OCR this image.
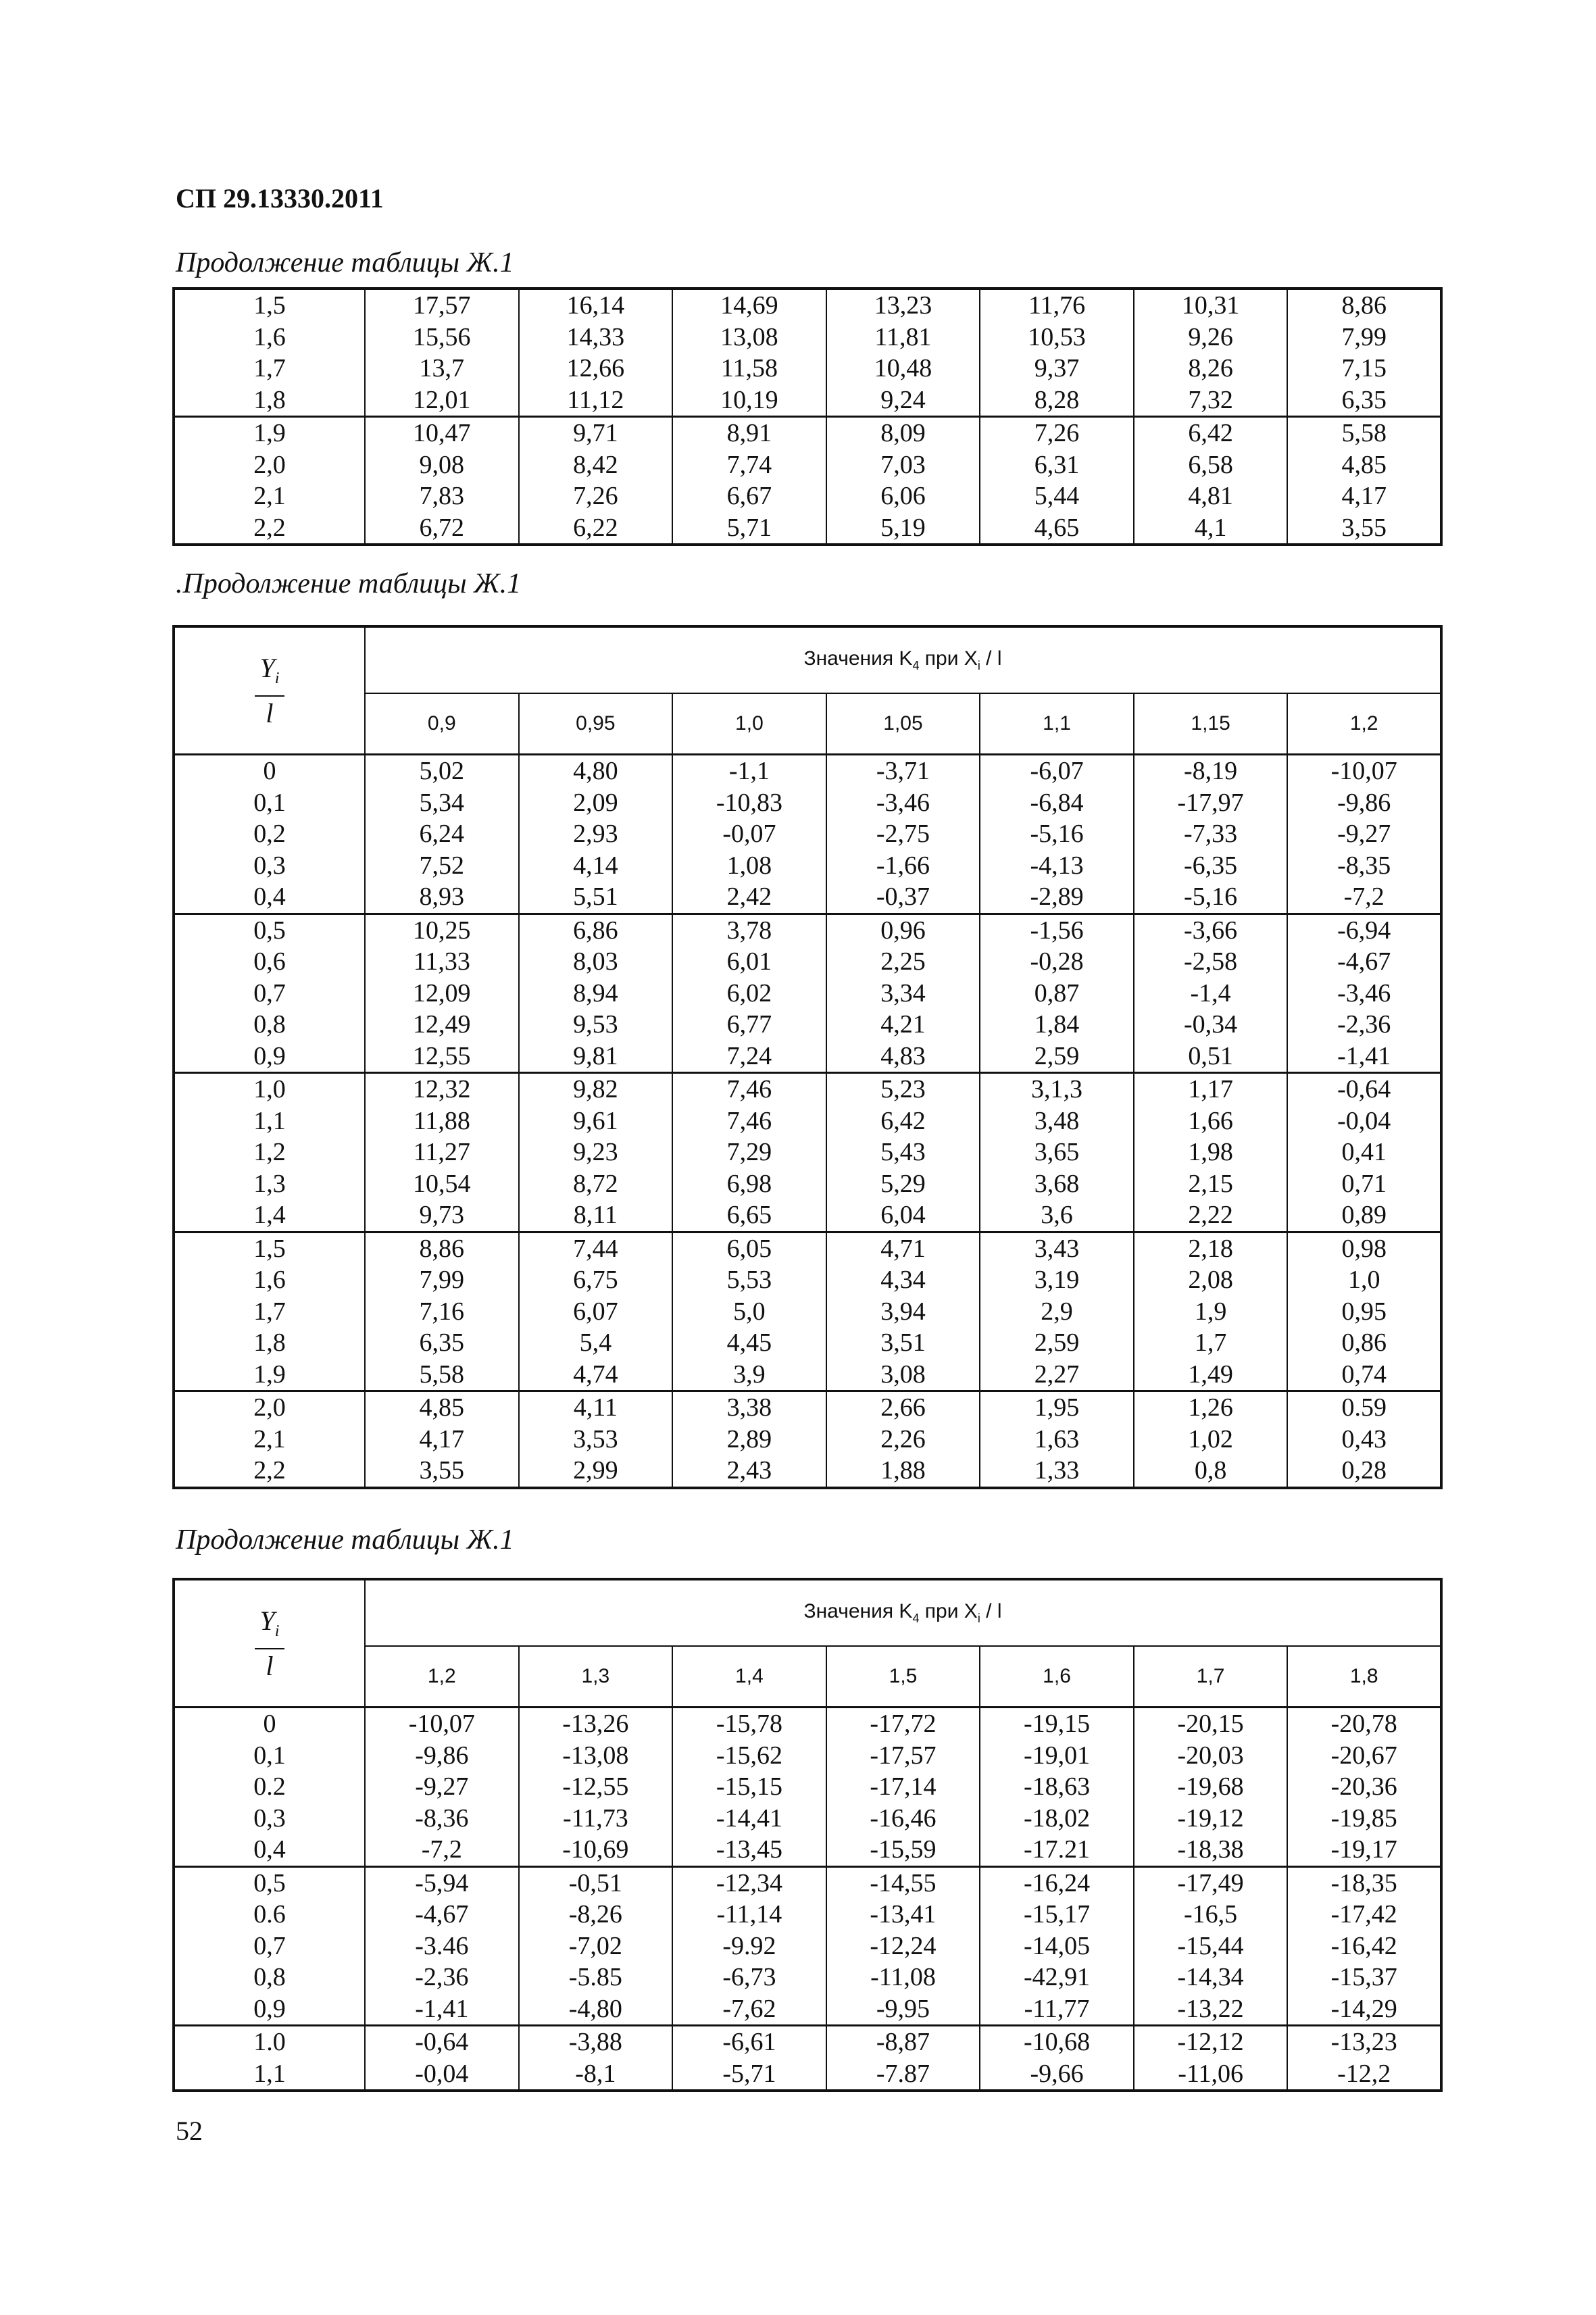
СП 29.13330.2011
Продолжение таблицы Ж.1
1,5	17,57	16,14	14,69	13,23	11,76	10,31	8,86
1,6	15,56	14,33	13,08	11,81	10,53	9,26	7,99
1,7	13,7	12,66	11,58	10,48	9,37	8,26	7,15
1,8	12,01	11,12	10,19	9,24	8,28	7,32	6,35
1,9	10,47	9,71	8,91	8,09	7,26	6,42	5,58
2,0	9,08	8,42	7,74	7,03	6,31	6,58	4,85
2,1	7,83	7,26	6,67	6,06	5,44	4,81	4,17
2,2	6,72	6,22	5,71	5,19	4,65	4,1	3,55
.Продолжение таблицы Ж.1
$\frac{Y_i}{l}$	Значения $K_4$ при $X_i$ / l						
	0,9	0,95	1,0	1,05	1,1	1,15	1,2
0	5,02	4,80	-1,1	-3,71	-6,07	-8,19	-10,07
0,1	5,34	2,09	-10,83	-3,46	-6,84	-17,97	-9,86
0,2	6,24	2,93	-0,07	-2,75	-5,16	-7,33	-9,27
0,3	7,52	4,14	1,08	-1,66	-4,13	-6,35	-8,35
0,4	8,93	5,51	2,42	-0,37	-2,89	-5,16	-7,2
0,5	10,25	6,86	3,78	0,96	-1,56	-3,66	-6,94
0,6	11,33	8,03	6,01	2,25	-0,28	-2,58	-4,67
0,7	12,09	8,94	6,02	3,34	0,87	-1,4	-3,46
0,8	12,49	9,53	6,77	4,21	1,84	-0,34	-2,36
0,9	12,55	9,81	7,24	4,83	2,59	0,51	-1,41
1,0	12,32	9,82	7,46	5,23	3,1,3	1,17	-0,64
1,1	11,88	9,61	7,46	6,42	3,48	1,66	-0,04
1,2	11,27	9,23	7,29	5,43	3,65	1,98	0,41
1,3	10,54	8,72	6,98	5,29	3,68	2,15	0,71
1,4	9,73	8,11	6,65	6,04	3,6	2,22	0,89
1,5	8,86	7,44	6,05	4,71	3,43	2,18	0,98
1,6	7,99	6,75	5,53	4,34	3,19	2,08	1,0
1,7	7,16	6,07	5,0	3,94	2,9	1,9	0,95
1,8	6,35	5,4	4,45	3,51	2,59	1,7	0,86
1,9	5,58	4,74	3,9	3,08	2,27	1,49	0,74
2,0	4,85	4,11	3,38	2,66	1,95	1,26	0.59
2,1	4,17	3,53	2,89	2,26	1,63	1,02	0,43
2,2	3,55	2,99	2,43	1,88	1,33	0,8	0,28
Продолжение таблицы Ж.1
$\frac{Y_i}{l}$	Значения $K_4$ при $X_i$ / l						
	1,2	1,3	1,4	1,5	1,6	1,7	1,8
0	-10,07	-13,26	-15,78	-17,72	-19,15	-20,15	-20,78
0,1	-9,86	-13,08	-15,62	-17,57	-19,01	-20,03	-20,67
0.2	-9,27	-12,55	-15,15	-17,14	-18,63	-19,68	-20,36
0,3	-8,36	-11,73	-14,41	-16,46	-18,02	-19,12	-19,85
0,4	-7,2	-10,69	-13,45	-15,59	-17.21	-18,38	-19,17
0,5	-5,94	-0,51	-12,34	-14,55	-16,24	-17,49	-18,35
0.6	-4,67	-8,26	-11,14	-13,41	-15,17	-16,5	-17,42
0,7	-3.46	-7,02	-9.92	-12,24	-14,05	-15,44	-16,42
0,8	-2,36	-5.85	-6,73	-11,08	-42,91	-14,34	-15,37
0,9	-1,41	-4,80	-7,62	-9,95	-11,77	-13,22	-14,29
1.0	-0,64	-3,88	-6,61	-8,87	-10,68	-12,12	-13,23
1,1	-0,04	-8,1	-5,71	-7.87	-9,66	-11,06	-12,2
52
